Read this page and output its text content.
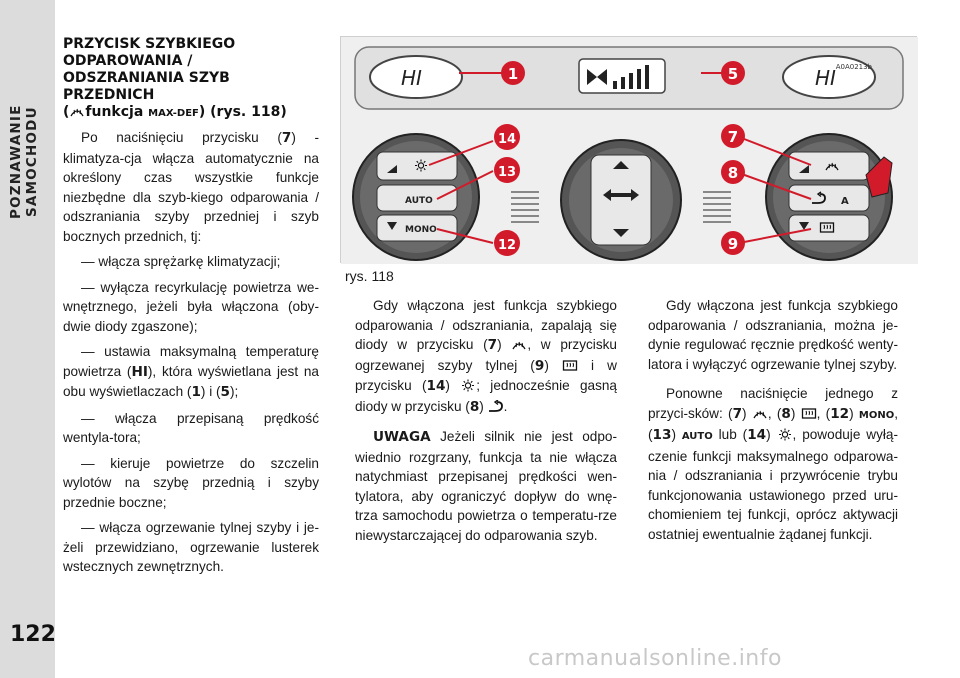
POZNAWANIE SAMOCHODU
122
PRZYCISK SZYBKIEGO
ODPAROWANIA /
ODSZRANIANIA SZYB
PRZEDNICH
( funkcja MAX-DEF) (rys. 118)

Po naciśnięciu przycisku (7) - klimatyza-cja włącza automatycznie na określony czas wszystkie funkcje niezbędne dla szyb-kiego odparowania / odszraniania szyby przedniej i szyb bocznych przednich, tj:

— włącza sprężarkę klimatyzacji;

— wyłącza recyrkulację powietrza we-wnętrznego, jeżeli była włączona (oby-dwie diody zgaszone);

— ustawia maksymalną temperaturę powietrza (HI), która wyświetlana jest na obu wyświetlaczach (1) i (5);

— włącza przepisaną prędkość wentyla-tora;

— kieruje powietrze do szczelin wylotów na szybę przednią i szyby przednie boczne;

— włącza ogrzewanie tylnej szyby i je-żeli przewidziano, ogrzewanie lusterek wstecznych zewnętrznych.

HI	HI
AUTO
MONO
A
1	5
14
13
12
7
8
9
A0A0213b
rys. 118

Gdy włączona jest funkcja szybkiego odparowania / odszraniania, zapalają się diody w przycisku (7) , w przycisku ogrzewanej szyby tylnej (9)  i w przycisku (14) ; jednocześnie gasną diody w przycisku (8) .

UWAGA Jeżeli silnik nie jest odpo-wiednio rozgrzany, funkcja ta nie włącza natychmiast przepisanej prędkości wen-tylatora, aby ograniczyć dopływ do wnę-trza samochodu powietrza o temperatu-rze niewystarczającej do odparowania szyb.

Gdy włączona jest funkcja szybkiego odparowania / odszraniania, można je-dynie regulować ręcznie prędkość wenty-latora i wyłączyć ogrzewanie tylnej szyby.

Ponowne naciśnięcie jednego z przyci-sków: (7) , (8) , (12) MONO, (13) AUTO lub (14) , powoduje wyłą-czenie funkcji maksymalnego odparowa-nia / odszraniania i przywrócenie trybu funkcjonowania ustawionego przed uru-chomieniem tej funkcji, oprócz aktywacji ostatniej ewentualnie żądanej funkcji.

carmanualsonline.info
